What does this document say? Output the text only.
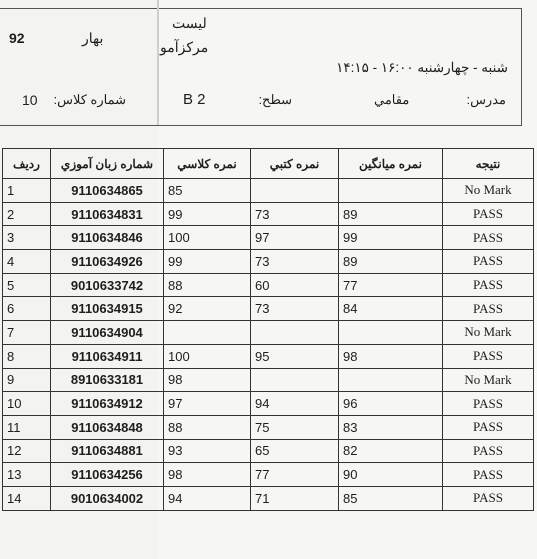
لیست
مرکزآمو
92	بهار
شنبه - چهارشنبه ۱۶:۰۰ - ۱۴:۱۵
10 شماره کلاس:	B 2	سطح:	مقامي	مدرس:
رديف	شماره زبان آموزي	نمره كلاسي	نمره كتبي	نمره ميانگين	نتيجه
1	9110634865	85			No Mark
2	9110634831	99	73	89	PASS
3	9110634846	100	97	99	PASS
4	9110634926	99	73	89	PASS
5	9010633742	88	60	77	PASS
6	9110634915	92	73	84	PASS
7	9110634904				No Mark
8	9110634911	100	95	98	PASS
9	8910633181	98			No Mark
10	9110634912	97	94	96	PASS
11	9110634848	88	75	83	PASS
12	9110634881	93	65	82	PASS
13	9110634256	98	77	90	PASS
14	9010634002	94	71	85	PASS
